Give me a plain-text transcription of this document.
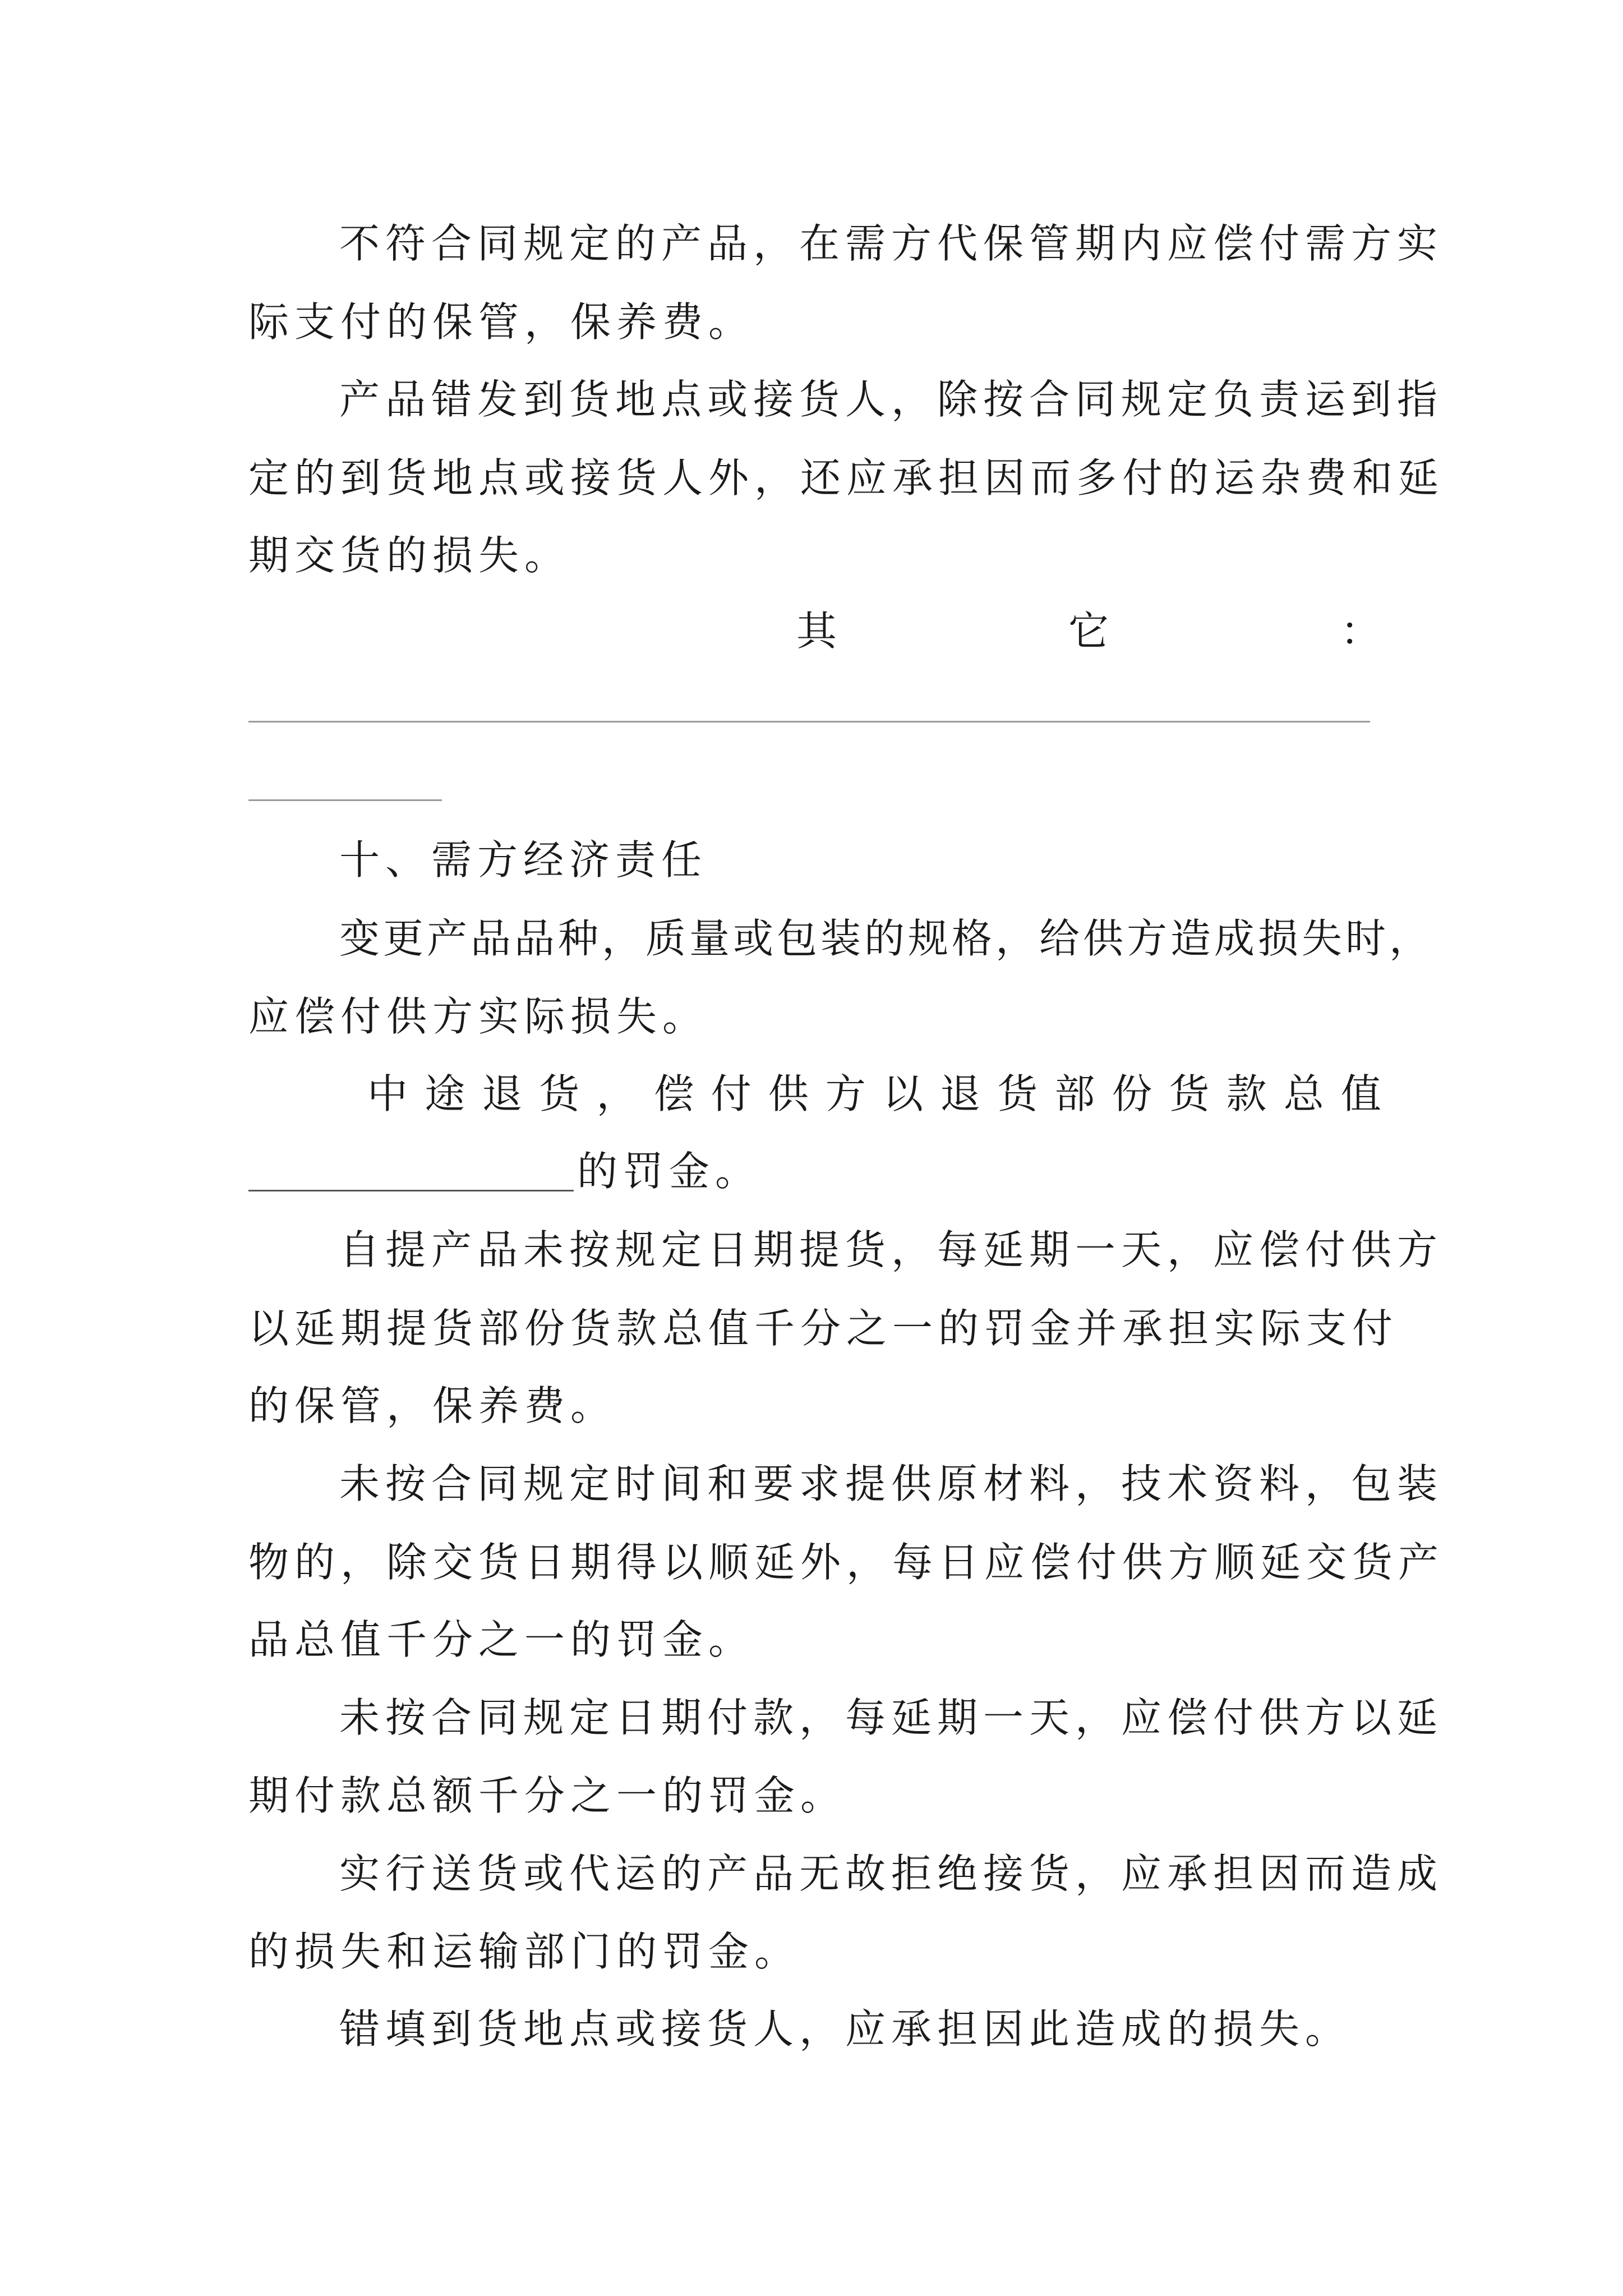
不符合同规定的产品，在需方代保管期内应偿付需方实
际支付的保管，保养费。
产品错发到货地点或接货人，除按合同规定负责运到指
定的到货地点或接货人外，还应承担因而多付的运杂费和延
期交货的损失。
其	它	：
十、需方经济责任
变更产品品种，质量或包装的规格，给供方造成损失时，
应偿付供方实际损失。
中 途 退 货 ， 偿 付 供 方 以 退 货 部 份 货 款 总 值
的罚金。
自提产品未按规定日期提货，每延期一天，应偿付供方
以延期提货部份货款总值千分之一的罚金并承担实际支付
的保管，保养费。
未按合同规定时间和要求提供原材料，技术资料，包装
物的，除交货日期得以顺延外，每日应偿付供方顺延交货产
品总值千分之一的罚金。
未按合同规定日期付款，每延期一天，应偿付供方以延
期付款总额千分之一的罚金。
实行送货或代运的产品无故拒绝接货，应承担因而造成
的损失和运输部门的罚金。
错填到货地点或接货人，应承担因此造成的损失。
